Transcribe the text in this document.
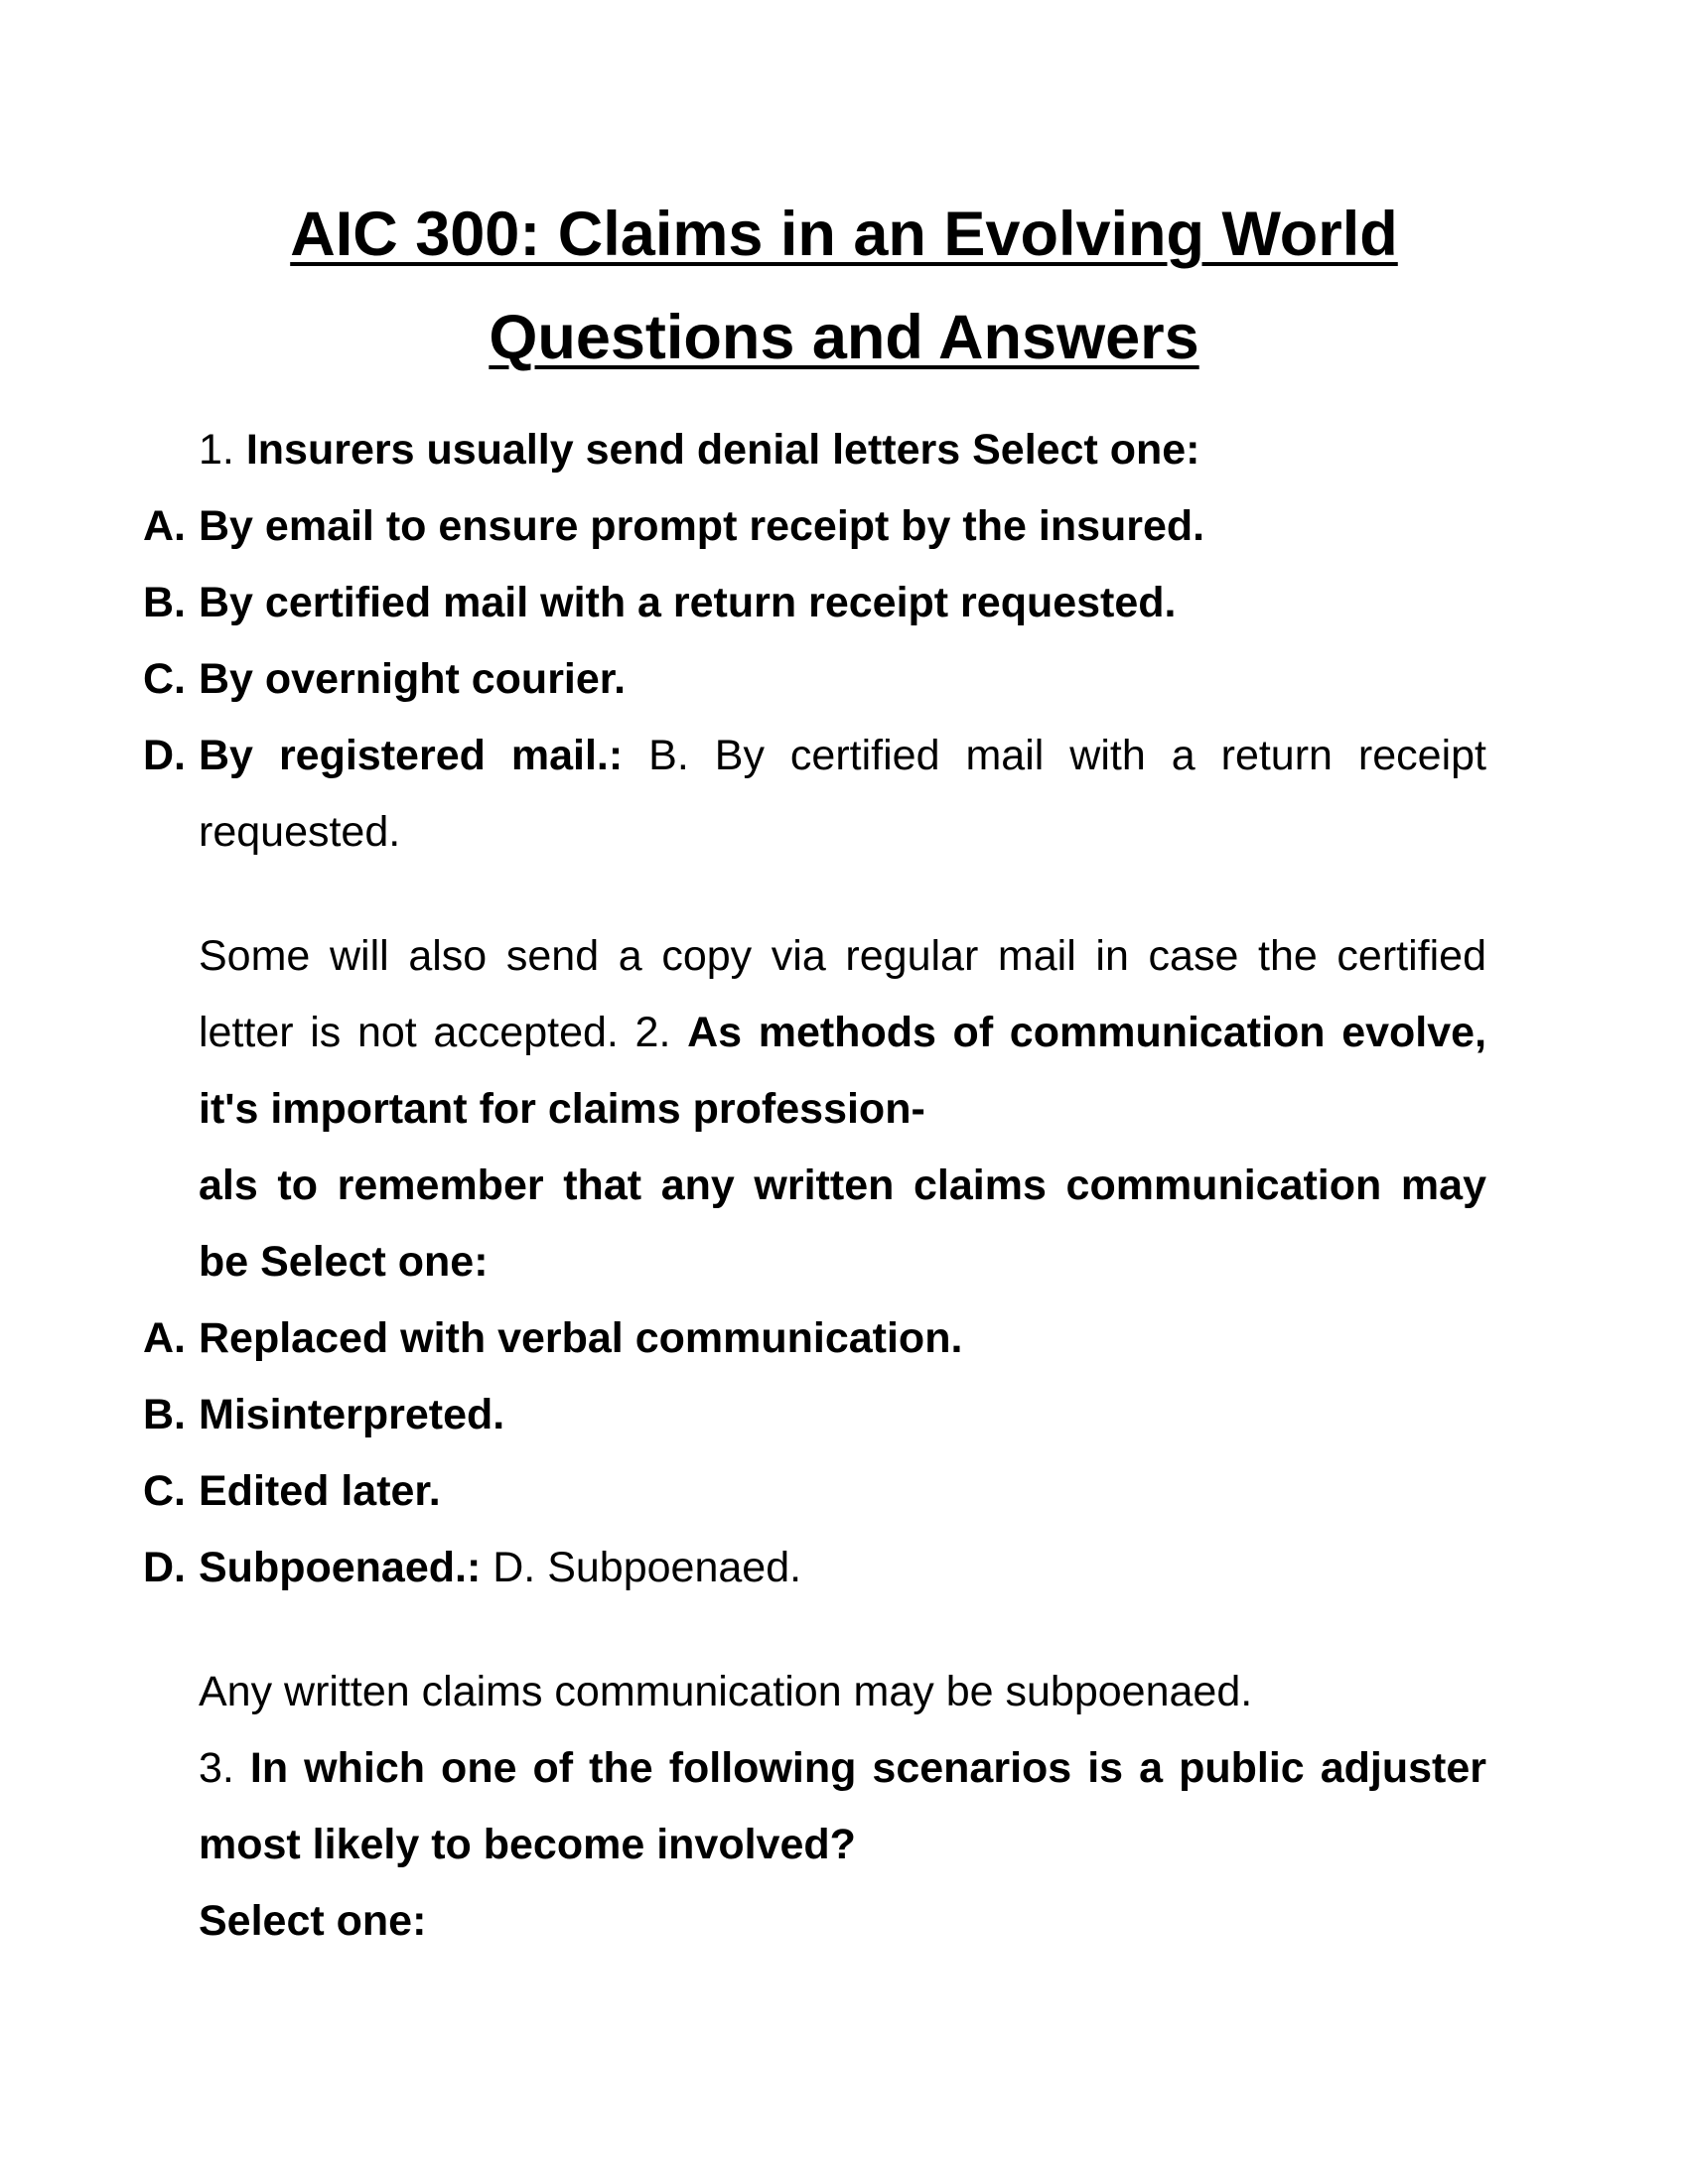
AIC 300: Claims in an Evolving World
Questions and Answers

1. Insurers usually send denial letters Select one:

A. By email to ensure prompt receipt by the insured.

B. By certified mail with a return receipt requested.

C. By overnight courier.

D. By registered mail.: B. By certified mail with a return receipt requested.

Some will also send a copy via regular mail in case the certified letter is not accepted. 2. As methods of communication evolve, it's important for claims profession-

als to remember that any written claims communication may be Select one:

A. Replaced with verbal communication.

B. Misinterpreted.

C. Edited later.

D. Subpoenaed.: D. Subpoenaed.

Any written claims communication may be subpoenaed.

3. In which one of the following scenarios is a public adjuster most likely to become involved?

Select one:
